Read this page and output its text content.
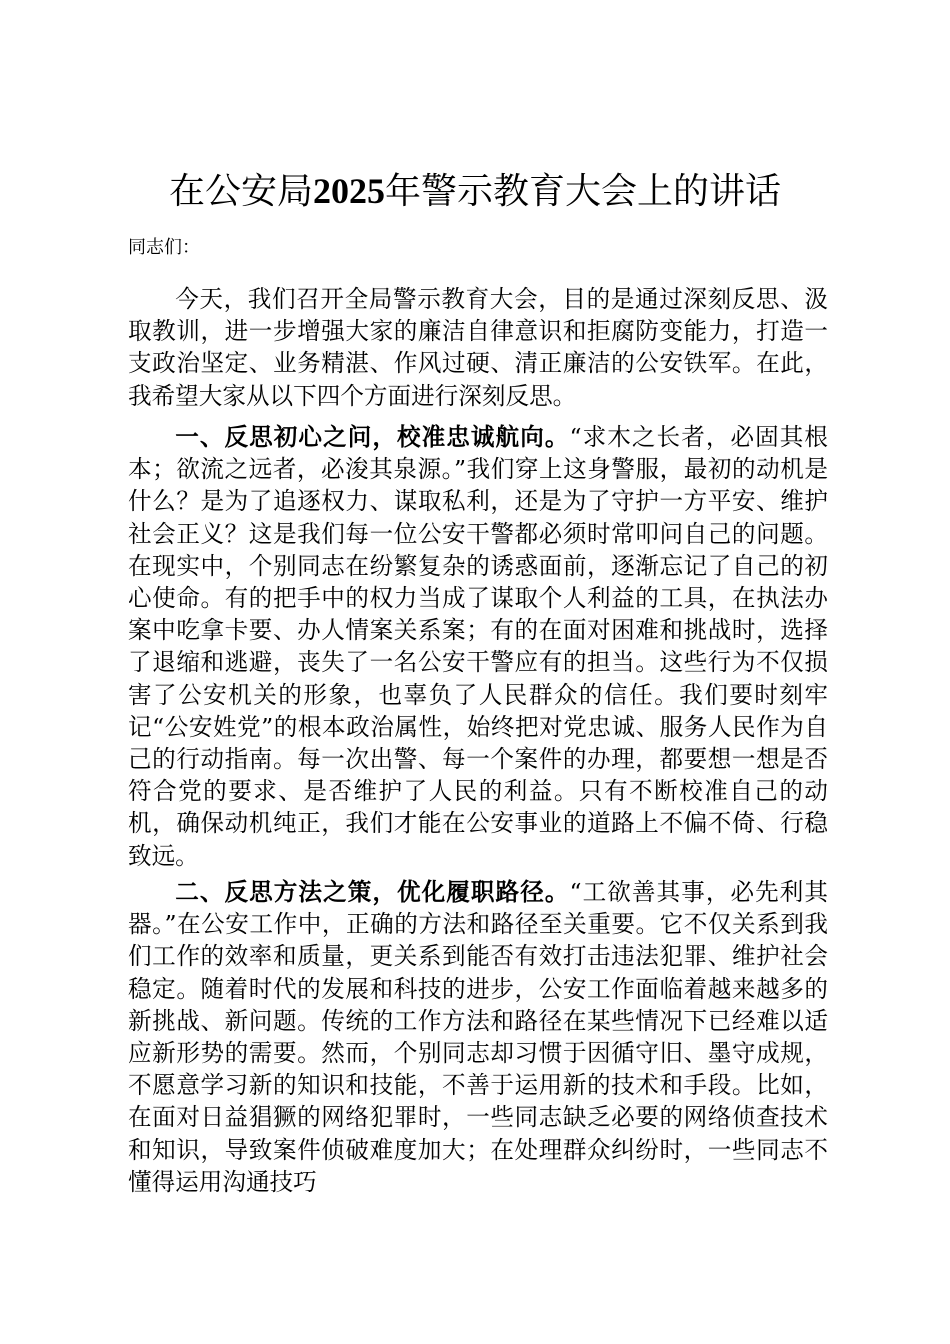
在公安局2025年警示教育大会上的讲话

同志们：

今天，我们召开全局警示教育大会，目的是通过深刻反思、汲取教训，进一步增强大家的廉洁自律意识和拒腐防变能力，打造一支政治坚定、业务精湛、作风过硬、清正廉洁的公安铁军。在此，我希望大家从以下四个方面进行深刻反思。

一、反思初心之问，校准忠诚航向。“求木之长者，必固其根本；欲流之远者，必浚其泉源。”我们穿上这身警服，最初的动机是什么？是为了追逐权力、谋取私利，还是为了守护一方平安、维护社会正义？这是我们每一位公安干警都必须时常叩问自己的问题。在现实中，个别同志在纷繁复杂的诱惑面前，逐渐忘记了自己的初心使命。有的把手中的权力当成了谋取个人利益的工具，在执法办案中吃拿卡要、办人情案关系案；有的在面对困难和挑战时，选择了退缩和逃避，丧失了一名公安干警应有的担当。这些行为不仅损害了公安机关的形象，也辜负了人民群众的信任。我们要时刻牢记“公安姓党”的根本政治属性，始终把对党忠诚、服务人民作为自己的行动指南。每一次出警、每一个案件的办理，都要想一想是否符合党的要求、是否维护了人民的利益。只有不断校准自己的动机，确保动机纯正，我们才能在公安事业的道路上不偏不倚、行稳致远。

二、反思方法之策，优化履职路径。“工欲善其事，必先利其器。”在公安工作中，正确的方法和路径至关重要。它不仅关系到我们工作的效率和质量，更关系到能否有效打击违法犯罪、维护社会稳定。随着时代的发展和科技的进步，公安工作面临着越来越多的新挑战、新问题。传统的工作方法和路径在某些情况下已经难以适应新形势的需要。然而，个别同志却习惯于因循守旧、墨守成规，不愿意学习新的知识和技能，不善于运用新的技术和手段。比如，在面对日益猖獗的网络犯罪时，一些同志缺乏必要的网络侦查技术和知识，导致案件侦破难度加大；在处理群众纠纷时，一些同志不懂得运用沟通技巧
